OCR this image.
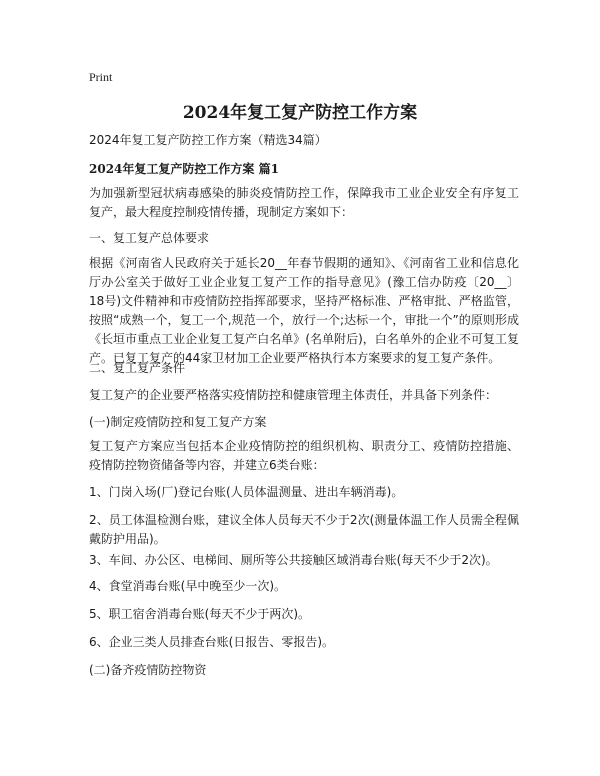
Print
2024年复工复产防控工作方案

2024年复工复产防控工作方案（精选34篇）

2024年复工复产防控工作方案 篇1

为加强新型冠状病毒感染的肺炎疫情防控工作，保障我市工业企业安全有序复工复产，最大程度控制疫情传播，现制定方案如下：

一、复工复产总体要求

根据《河南省人民政府关于延长20__年春节假期的通知》、《河南省工业和信息化厅办公室关于做好工业企业复工复产工作的指导意见》(豫工信办防疫〔20__〕18号)文件精神和市疫情防控指挥部要求，坚持严格标准、严格审批、严格监管，按照“成熟一个，复工一个,规范一个，放行一个;达标一个，审批一个”的原则形成《长垣市重点工业企业复工复产白名单》(名单附后)，白名单外的企业不可复工复产。已复工复产的44家卫材加工企业要严格执行本方案要求的复工复产条件。

二、复工复产条件

复工复产的企业要严格落实疫情防控和健康管理主体责任，并具备下列条件：

(一)制定疫情防控和复工复产方案

复工复产方案应当包括本企业疫情防控的组织机构、职责分工、疫情防控措施、疫情防控物资储备等内容，并建立6类台账：

1、门岗入场(厂)登记台账(人员体温测量、进出车辆消毒)。

2、员工体温检测台账，建议全体人员每天不少于2次(测量体温工作人员需全程佩戴防护用品)。

3、车间、办公区、电梯间、厕所等公共接触区域消毒台账(每天不少于2次)。

4、食堂消毒台账(早中晚至少一次)。

5、职工宿舍消毒台账(每天不少于两次)。

6、企业三类人员排查台账(日报告、零报告)。

(二)备齐疫情防控物资
